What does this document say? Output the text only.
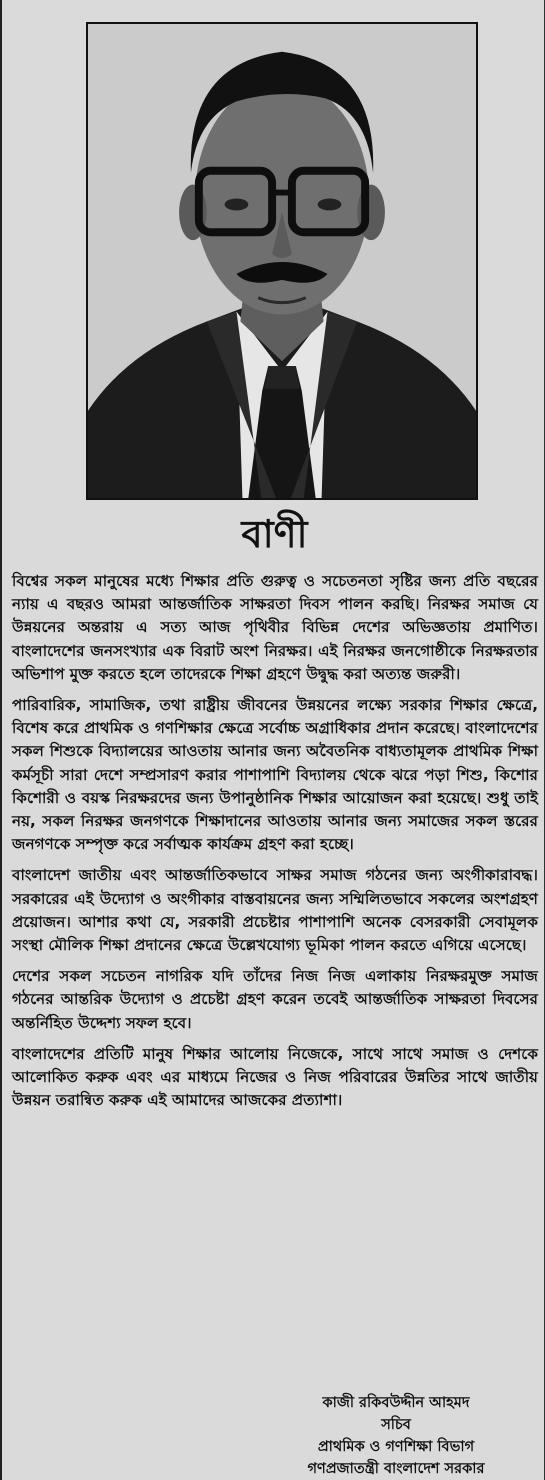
বাণী

বিশ্বের সকল মানুষের মধ্যে শিক্ষার প্রতি গুরুত্ব ও সচেতনতা সৃষ্টির জন্য প্রতি বছরের ন্যায় এ বছরও আমরা আন্তর্জাতিক সাক্ষরতা দিবস পালন করছি। নিরক্ষর সমাজ যে উন্নয়নের অন্তরায় এ সত্য আজ পৃথিবীর বিভিন্ন দেশের অভিজ্ঞতায় প্রমাণিত। বাংলাদেশের জনসংখ্যার এক বিরাট অংশ নিরক্ষর। এই নিরক্ষর জনগোষ্ঠীকে নিরক্ষরতার অভিশাপ মুক্ত করতে হলে তাদেরকে শিক্ষা গ্রহণে উদ্বুদ্ধ করা অত্যন্ত জরুরী।

পারিবারিক, সামাজিক, তথা রাষ্ট্রীয় জীবনের উন্নয়নের লক্ষ্যে সরকার শিক্ষার ক্ষেত্রে, বিশেষ করে প্রাথমিক ও গণশিক্ষার ক্ষেত্রে সর্বোচ্চ অগ্রাধিকার প্রদান করেছে। বাংলাদেশের সকল শিশুকে বিদ্যালয়ের আওতায় আনার জন্য অবৈতনিক বাধ্যতামূলক প্রাথমিক শিক্ষা কর্মসূচী সারা দেশে সম্প্রসারণ করার পাশাপাশি বিদ্যালয় থেকে ঝরে পড়া শিশু, কিশোর কিশোরী ও বয়স্ক নিরক্ষরদের জন্য উপানুষ্ঠানিক শিক্ষার আয়োজন করা হয়েছে। শুধু তাই নয়, সকল নিরক্ষর জনগণকে শিক্ষাদানের আওতায় আনার জন্য সমাজের সকল স্তরের জনগণকে সম্পৃক্ত করে সর্বাত্মক কার্যক্রম গ্রহণ করা হচ্ছে।

বাংলাদেশ জাতীয় এবং আন্তর্জাতিকভাবে সাক্ষর সমাজ গঠনের জন্য অংগীকারাবদ্ধ। সরকারের এই উদ্যোগ ও অংগীকার বাস্তবায়নের জন্য সম্মিলিতভাবে সকলের অংশগ্রহণ প্রয়োজন। আশার কথা যে, সরকারী প্রচেষ্টার পাশাপাশি অনেক বেসরকারী সেবামূলক সংস্থা মৌলিক শিক্ষা প্রদানের ক্ষেত্রে উল্লেখযোগ্য ভূমিকা পালন করতে এগিয়ে এসেছে।

দেশের সকল সচেতন নাগরিক যদি তাঁদের নিজ নিজ এলাকায় নিরক্ষরমুক্ত সমাজ গঠনের আন্তরিক উদ্যোগ ও প্রচেষ্টা গ্রহণ করেন তবেই আন্তর্জাতিক সাক্ষরতা দিবসের অন্তর্নিহিত উদ্দেশ্য সফল হবে।

বাংলাদেশের প্রতিটি মানুষ শিক্ষার আলোয় নিজেকে, সাথে সাথে সমাজ ও দেশকে আলোকিত করুক এবং এর মাধ্যমে নিজের ও নিজ পরিবারের উন্নতির সাথে জাতীয় উন্নয়ন তরান্বিত করুক এই আমাদের আজকের প্রত্যাশা।

কাজী রকিবউদ্দীন আহমদ
সচিব
প্রাথমিক ও গণশিক্ষা বিভাগ
গণপ্রজাতন্ত্রী বাংলাদেশ সরকার
